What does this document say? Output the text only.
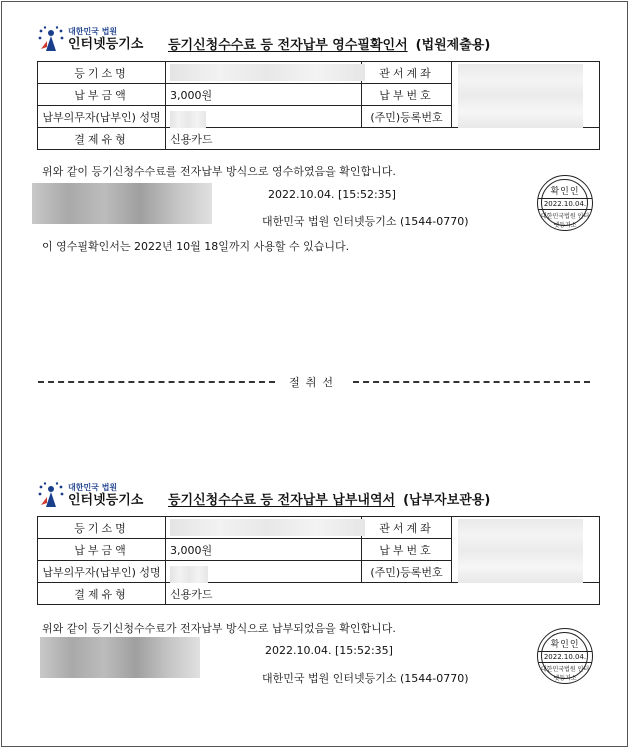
대한민국 법원
인터넷등기소 등기신청수수료 등 전자납부 영수필확인서 (법원제출용)
등기소명		관서계좌	
납부금액	3,000원	납부번호	
납부의무자(납부인) 성명		(주민)등록번호	
결제유형	신용카드		
위와 같이 등기신청수수료를 전자납부 방식으로 영수하였음을 확인합니다.
2022.10.04. [15:52:35]
대한민국 법원 인터넷등기소 (1544-0770)
확인인
2022.10.04.
대한민국법원 인터넷등기소
이 영수필확인서는 2022년 10월 18일까지 사용할 수 있습니다.
절취선
대한민국 법원
인터넷등기소 등기신청수수료 등 전자납부 납부내역서 (납부자보관용)
등기소명		관서계좌	
납부금액	3,000원	납부번호	
납부의무자(납부인) 성명		(주민)등록번호	
결제유형	신용카드		
위와 같이 등기신청수수료가 전자납부 방식으로 납부되었음을 확인합니다.
2022.10.04. [15:52:35]
대한민국 법원 인터넷등기소 (1544-0770)
확인인
2022.10.04.
대한민국법원 인터넷등기소
